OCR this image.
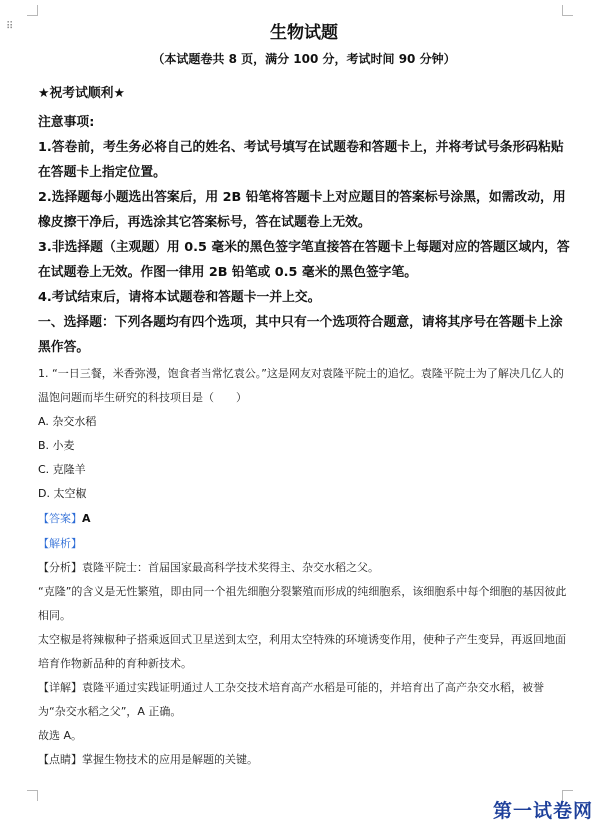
⠿	生物试题
（本试题卷共 8 页，满分 100 分，考试时间 90 分钟）
★祝考试顺利★
注意事项:
1.答卷前，考生务必将自己的姓名、考试号填写在试题卷和答题卡上，并将考试号条形码粘贴在答题卡上指定位置。
2.选择题每小题选出答案后，用 2B 铅笔将答题卡上对应题目的答案标号涂黑，如需改动，用橡皮擦干净后，再选涂其它答案标号，答在试题卷上无效。
3.非选择题（主观题）用 0.5 毫米的黑色签字笔直接答在答题卡上每题对应的答题区域内，答在试题卷上无效。作图一律用 2B 铅笔或 0.5 毫米的黑色签字笔。
4.考试结束后，请将本试题卷和答题卡一并上交。
一、选择题：下列各题均有四个选项，其中只有一个选项符合题意，请将其序号在答题卡上涂黑作答。
1. “一日三餐，米香弥漫，饱食者当常忆袁公。”这是网友对袁隆平院士的追忆。袁隆平院士为了解决几亿人的温饱问题而毕生研究的科技项目是（　　）
A. 杂交水稻
B. 小麦
C. 克隆羊
D. 太空椒
【答案】A
【解析】
【分析】袁隆平院士：首届国家最高科学技术奖得主、杂交水稻之父。
“克隆”的含义是无性繁殖，即由同一个祖先细胞分裂繁殖而形成的纯细胞系，该细胞系中每个细胞的基因彼此相同。
太空椒是将辣椒种子搭乘返回式卫星送到太空，利用太空特殊的环境诱变作用，使种子产生变异，再返回地面培育作物新品种的育种新技术。
【详解】袁隆平通过实践证明通过人工杂交技术培育高产水稻是可能的，并培育出了高产杂交水稻，被誉为“杂交水稻之父”，A 正确。
故选 A。
【点睛】掌握生物技术的应用是解题的关键。
第一试卷网
